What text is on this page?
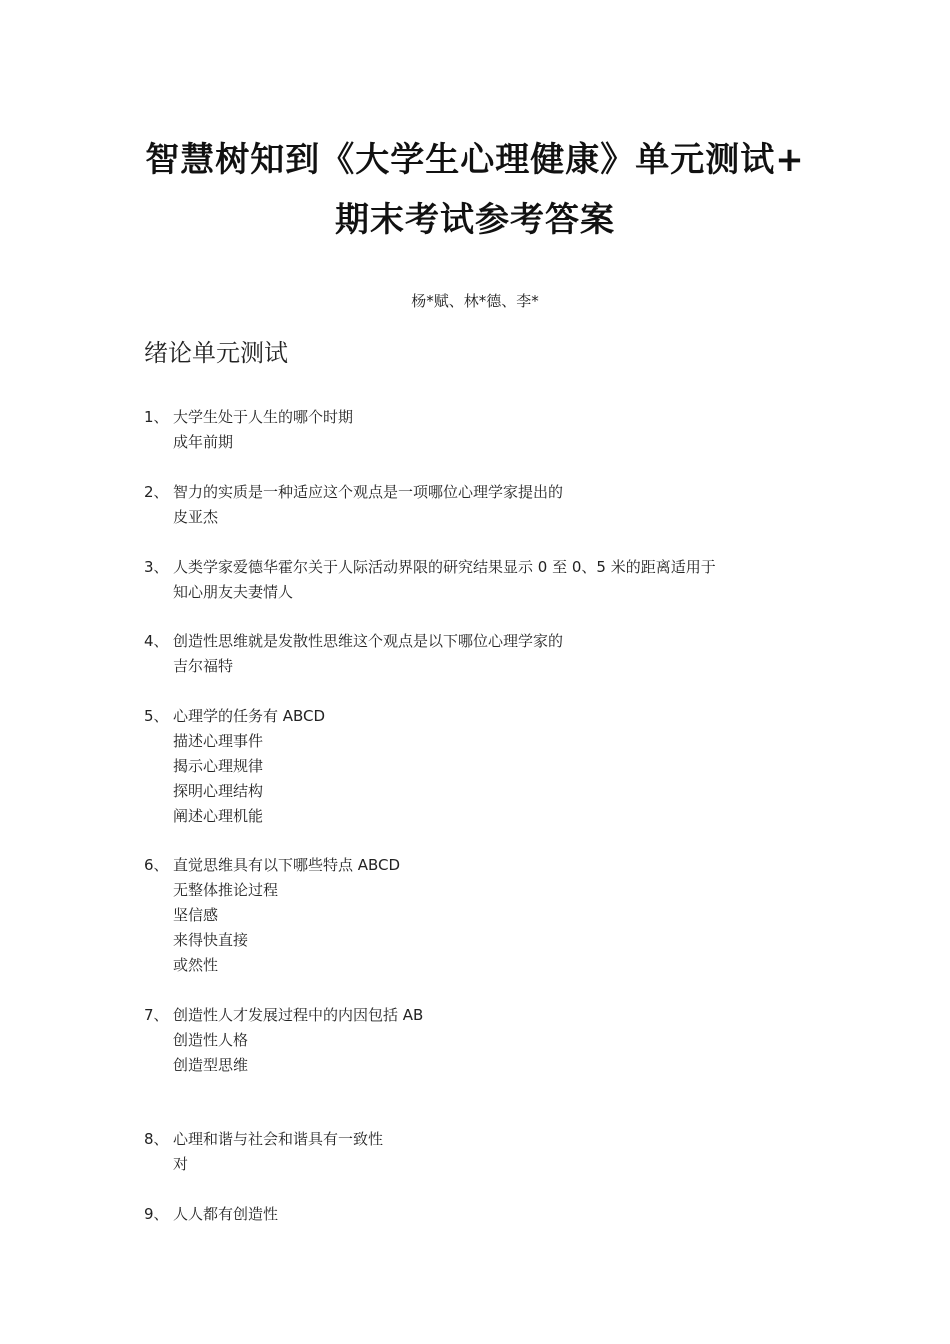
智慧树知到《大学生心理健康》单元测试+
期末考试参考答案
杨*赋、林*德、李*
绪论单元测试
1、 大学生处于人生的哪个时期
成年前期
2、 智力的实质是一种适应这个观点是一项哪位心理学家提出的
皮亚杰
3、 人类学家爱德华霍尔关于人际活动界限的研究结果显示 0 至 0、5 米的距离适用于
知心朋友夫妻情人
4、 创造性思维就是发散性思维这个观点是以下哪位心理学家的
吉尔福特
5、 心理学的任务有 ABCD
描述心理事件
揭示心理规律
探明心理结构
阐述心理机能
6、 直觉思维具有以下哪些特点 ABCD
无整体推论过程
坚信感
来得快直接
或然性
7、 创造性人才发展过程中的内因包括 AB
创造性人格
创造型思维
8、 心理和谐与社会和谐具有一致性
对
9、 人人都有创造性
